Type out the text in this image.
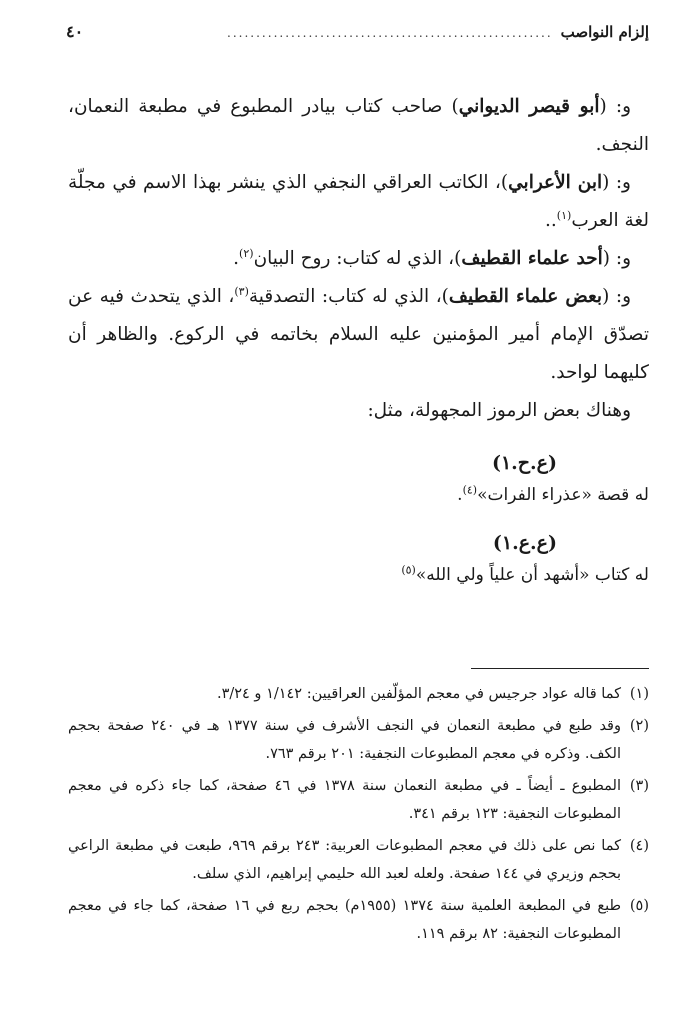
إلزام النواصب
........................................................
٤٠

و: (أبو قيصر الديواني) صاحب كتاب بيادر المطبوع في مطبعة النعمان، النجف.

و: (ابن الأعرابي)، الكاتب العراقي النجفي الذي ينشر بهذا الاسم في مجلّة لغة العرب$^{(١)}$..

و: (أحد علماء القطيف)، الذي له كتاب: روح البيان$^{(٢)}$.

و: (بعض علماء القطيف)، الذي له كتاب: التصدقية$^{(٣)}$، الذي يتحدث فيه عن تصدّق الإمام أمير المؤمنين عليه السلام بخاتمه في الركوع. والظاهر أن كليهما لواحد.

وهناك بعض الرموز المجهولة، مثل:

(ع.ح.١)
له قصة «عذراء الفرات»$^{(٤)}$.
(ع.ع.١)
له كتاب «أشهد أن علياً ولي الله»$^{(٥)}$
(١)
كما قاله عواد جرجيس في معجم المؤلّفين العراقيين: ١/١٤٢ و ٣/٢٤.
(٢)
وقد طبع في مطبعة النعمان في النجف الأشرف في سنة ١٣٧٧ هـ في ٢٤٠ صفحة بحجم الكف. وذكره في معجم المطبوعات النجفية: ٢٠١ برقم ٧٦٣.
(٣)
المطبوع ـ أيضاً ـ في مطبعة النعمان سنة ١٣٧٨ في ٤٦ صفحة، كما جاء ذكره في معجم المطبوعات النجفية: ١٢٣ برقم ٣٤١.
(٤)
كما نص على ذلك في معجم المطبوعات العربية: ٢٤٣ برقم ٩٦٩، طبعت في مطبعة الراعي بحجم وزيري في ١٤٤ صفحة. ولعله لعبد الله حليمي إبراهيم، الذي سلف.
(٥)
طبع في المطبعة العلمية سنة ١٣٧٤ (١٩٥٥م) بحجم ربع في ١٦ صفحة، كما جاء في معجم المطبوعات النجفية: ٨٢ برقم ١١٩.
